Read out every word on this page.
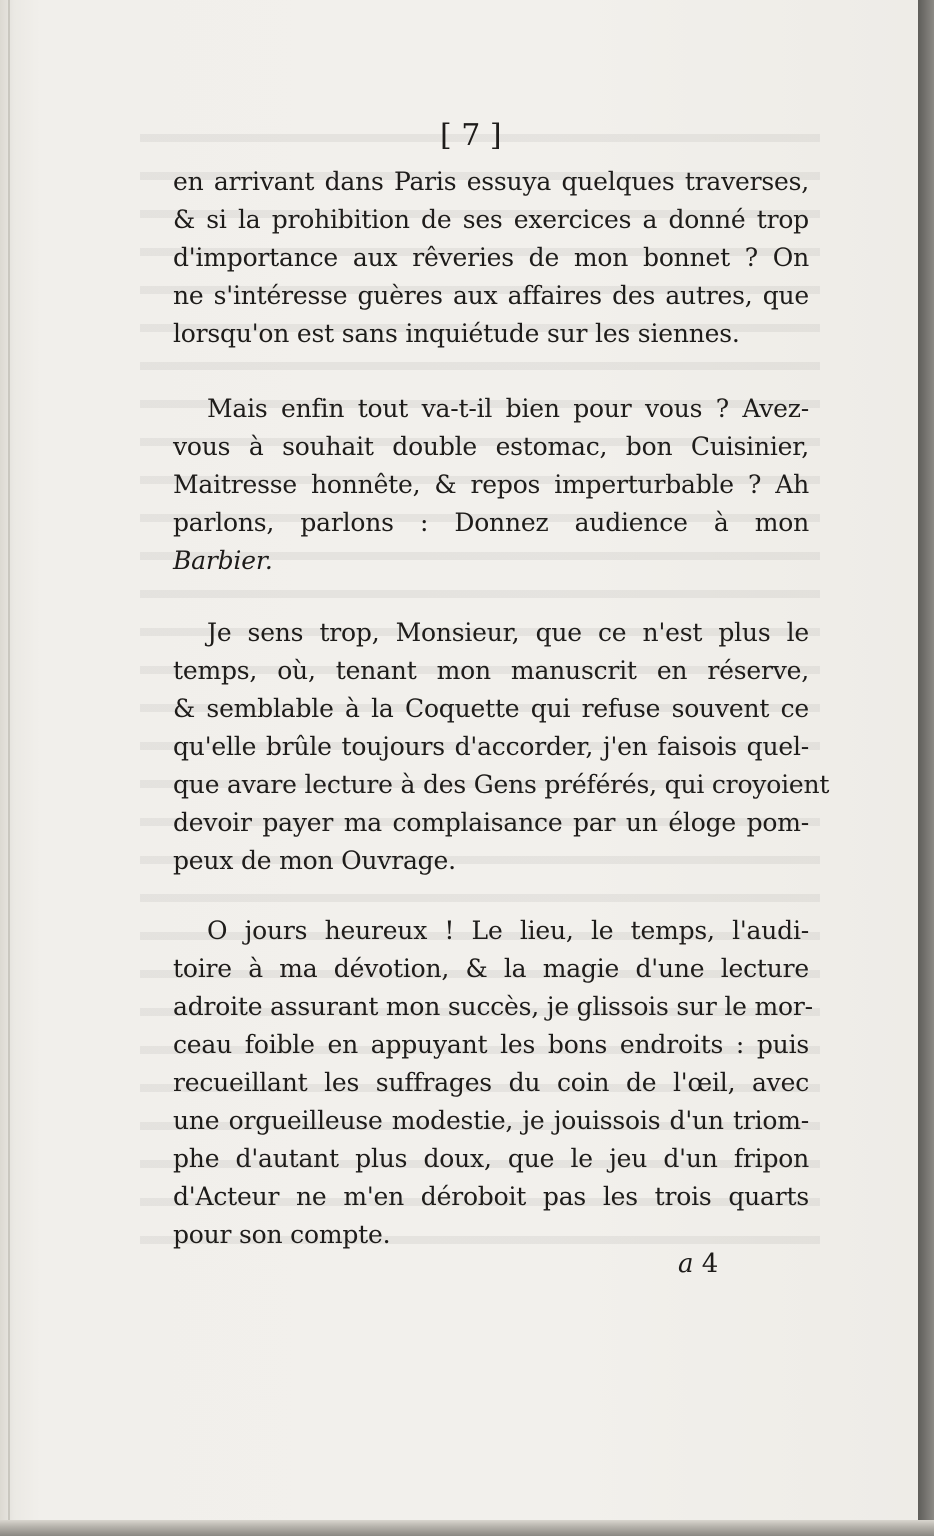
[ 7 ]
en arrivant dans Paris essuya quelques traverses,
& si la prohibition de ses exercices a donné trop
d'importance aux rêveries de mon bonnet ? On
ne s'intéresse guères aux affaires des autres, que
lorsqu'on est sans inquiétude sur les siennes.
Mais enfin tout va-t-il bien pour vous ? Avez-
vous à souhait double estomac, bon Cuisinier,
Maitresse honnête, & repos imperturbable ? Ah
parlons, parlons : Donnez audience à mon
Barbier.
Je sens trop, Monsieur, que ce n'est plus le
temps, où, tenant mon manuscrit en réserve,
& semblable à la Coquette qui refuse souvent ce
qu'elle brûle toujours d'accorder, j'en faisois quel-
que avare lecture à des Gens préférés, qui croyoient
devoir payer ma complaisance par un éloge pom-
peux de mon Ouvrage.
O jours heureux ! Le lieu, le temps, l'audi-
toire à ma dévotion, & la magie d'une lecture
adroite assurant mon succès, je glissois sur le mor-
ceau foible en appuyant les bons endroits : puis
recueillant les suffrages du coin de l'œil, avec
une orgueilleuse modestie, je jouissois d'un triom-
phe d'autant plus doux, que le jeu d'un fripon
d'Acteur ne m'en déroboit pas les trois quarts
pour son compte.
a 4
